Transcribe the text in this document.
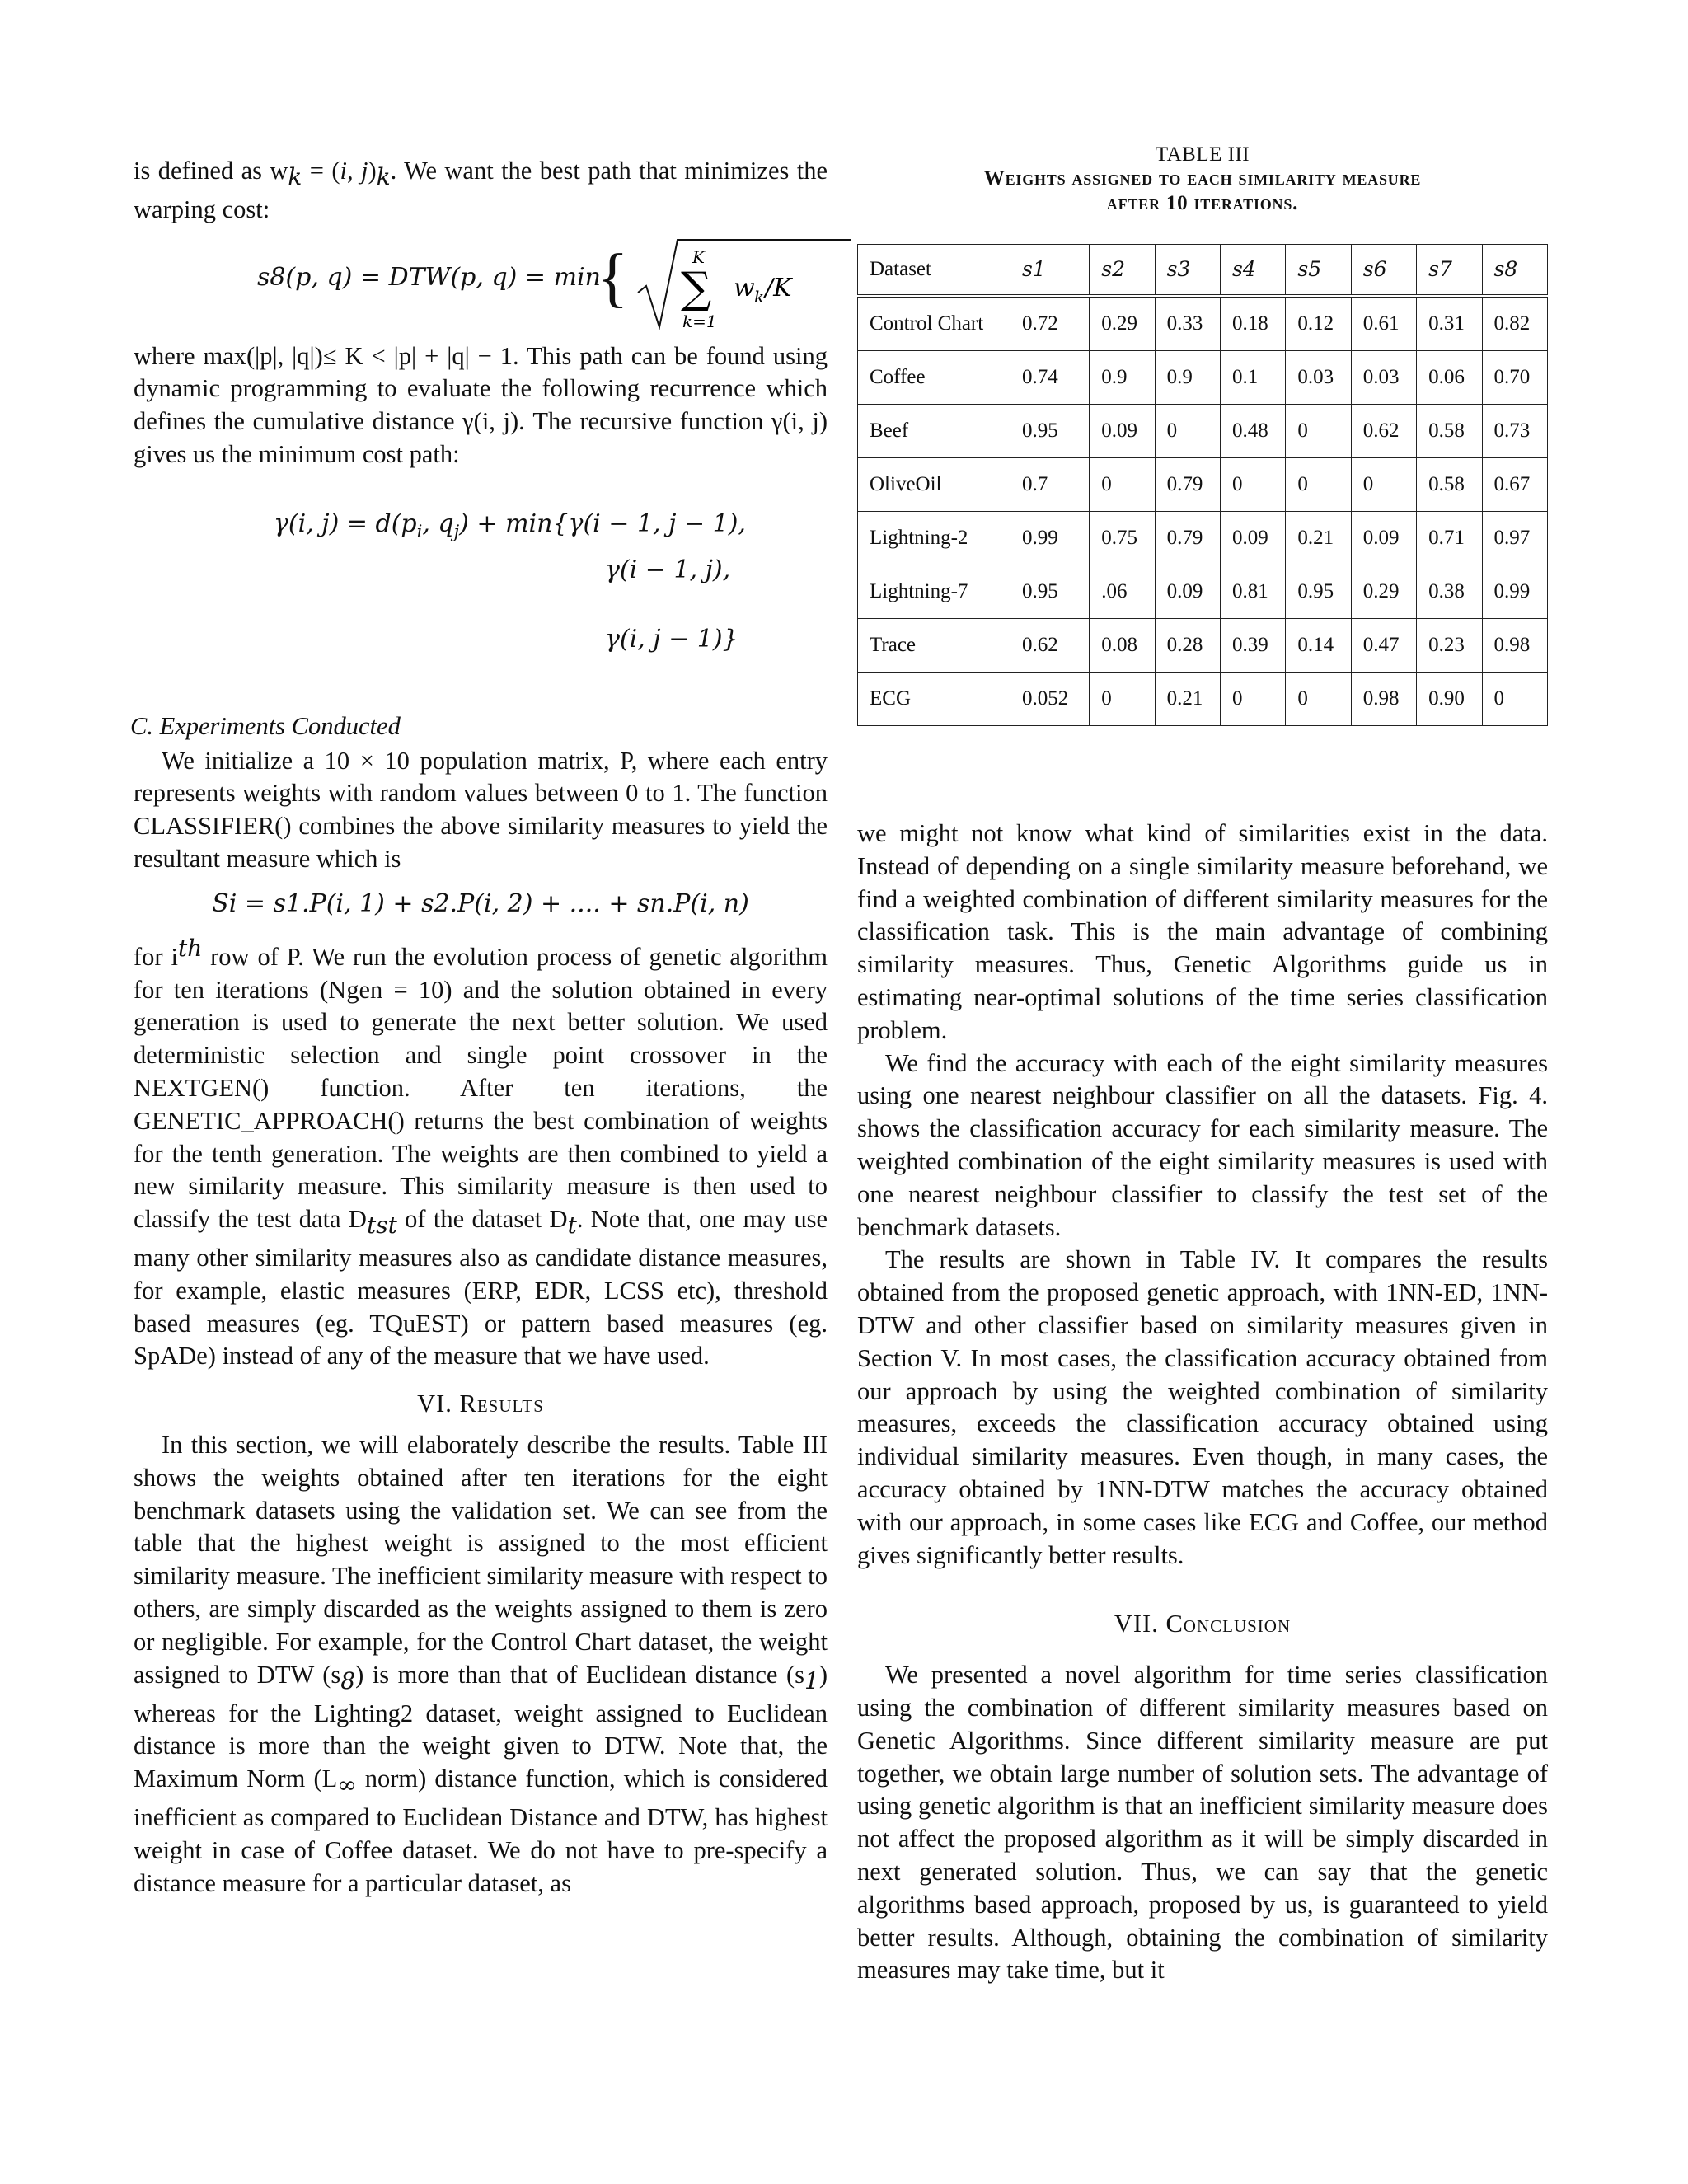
is defined as $w_k = (i$, $j)_k$. We want the best path that minimizes the warping cost:

s8(p, q) = DTW(p, q) = min
{	K
∑
k=1
w k /K

where max(|p|, |q|)≤ K < |p| + |q| − 1. This path can be found using dynamic programming to evaluate the following recurrence which defines the cumulative distance γ(i, j). The recursive function γ(i, j) gives us the minimum cost path:

γ(i, $j) = d(p_i$, $q_j) + \min\{\gamma(i - 1$, j − 1),
γ(i − 1, j),
γ(i, j − 1)}
C. Experiments Conducted

We initialize a 10 × 10 population matrix, P, where each entry represents weights with random values between 0 to 1. The function CLASSIFIER() combines the above similarity measures to yield the resultant measure which is

Si = s1.P(i, 1) + s2.P(i, 2) + .... + sn.P(i, n)

for $i^{th}$ row of P. We run the evolution process of genetic algorithm for ten iterations (Ngen = 10) and the solution obtained in every generation is used to generate the next better solution. We used deterministic selection and single point crossover in the NEXTGEN() function. After ten iterations, the GENETIC_APPROACH() returns the best combination of weights for the tenth generation. The weights are then combined to yield a new similarity measure. This similarity measure is then used to classify the test data $D_{tst}$ of the dataset $D_t$. Note that, one may use many other similarity measures also as candidate distance measures, for example, elastic measures (ERP, EDR, LCSS etc), threshold based measures (eg. TQuEST) or pattern based measures (eg. SpADe) instead of any of the measure that we have used.

VI. Results

In this section, we will elaborately describe the results. Table III shows the weights obtained after ten iterations for the eight benchmark datasets using the validation set. We can see from the table that the highest weight is assigned to the most efficient similarity measure. The inefficient similarity measure with respect to others, are simply discarded as the weights assigned to them is zero or negligible. For example, for the Control Chart dataset, the weight assigned to DTW $(s_8)$ is more than that of Euclidean distance $(s_1)$ whereas for the Lighting2 dataset, weight assigned to Euclidean distance is more than the weight given to DTW. Note that, the Maximum Norm ($L_\infty$ norm) distance function, which is considered inefficient as compared to Euclidean Distance and DTW, has highest weight in case of Coffee dataset. We do not have to pre-specify a distance measure for a particular dataset, as

TABLE III
Weights assigned to each similarity measure
after 10 iterations.
Dataset	s1	s2	s3	s4	s5	s6	s7	s8
Control Chart	0.72	0.29	0.33	0.18	0.12	0.61	0.31	0.82
Coffee	0.74	0.9	0.9	0.1	0.03	0.03	0.06	0.70
Beef	0.95	0.09	0	0.48	0	0.62	0.58	0.73
OliveOil	0.7	0	0.79	0	0	0	0.58	0.67
Lightning-2	0.99	0.75	0.79	0.09	0.21	0.09	0.71	0.97
Lightning-7	0.95	.06	0.09	0.81	0.95	0.29	0.38	0.99
Trace	0.62	0.08	0.28	0.39	0.14	0.47	0.23	0.98
ECG	0.052	0	0.21	0	0	0.98	0.90	0

we might not know what kind of similarities exist in the data. Instead of depending on a single similarity measure beforehand, we find a weighted combination of different similarity measures for the classification task. This is the main advantage of combining similarity measures. Thus, Genetic Algorithms guide us in estimating near-optimal solutions of the time series classification problem.

We find the accuracy with each of the eight similarity measures using one nearest neighbour classifier on all the datasets. Fig. 4. shows the classification accuracy for each similarity measure. The weighted combination of the eight similarity measures is used with one nearest neighbour classifier to classify the test set of the benchmark datasets.

The results are shown in Table IV. It compares the results obtained from the proposed genetic approach, with 1NN-ED, 1NN-DTW and other classifier based on similarity measures given in Section V. In most cases, the classification accuracy obtained from our approach by using the weighted combination of similarity measures, exceeds the classification accuracy obtained using individual similarity measures. Even though, in many cases, the accuracy obtained by 1NN-DTW matches the accuracy obtained with our approach, in some cases like ECG and Coffee, our method gives significantly better results.

VII. Conclusion

We presented a novel algorithm for time series classification using the combination of different similarity measures based on Genetic Algorithms. Since different similarity measure are put together, we obtain large number of solution sets. The advantage of using genetic algorithm is that an inefficient similarity measure does not affect the proposed algorithm as it will be simply discarded in next generated solution. Thus, we can say that the genetic algorithms based approach, proposed by us, is guaranteed to yield better results. Although, obtaining the combination of similarity measures may take time, but it
